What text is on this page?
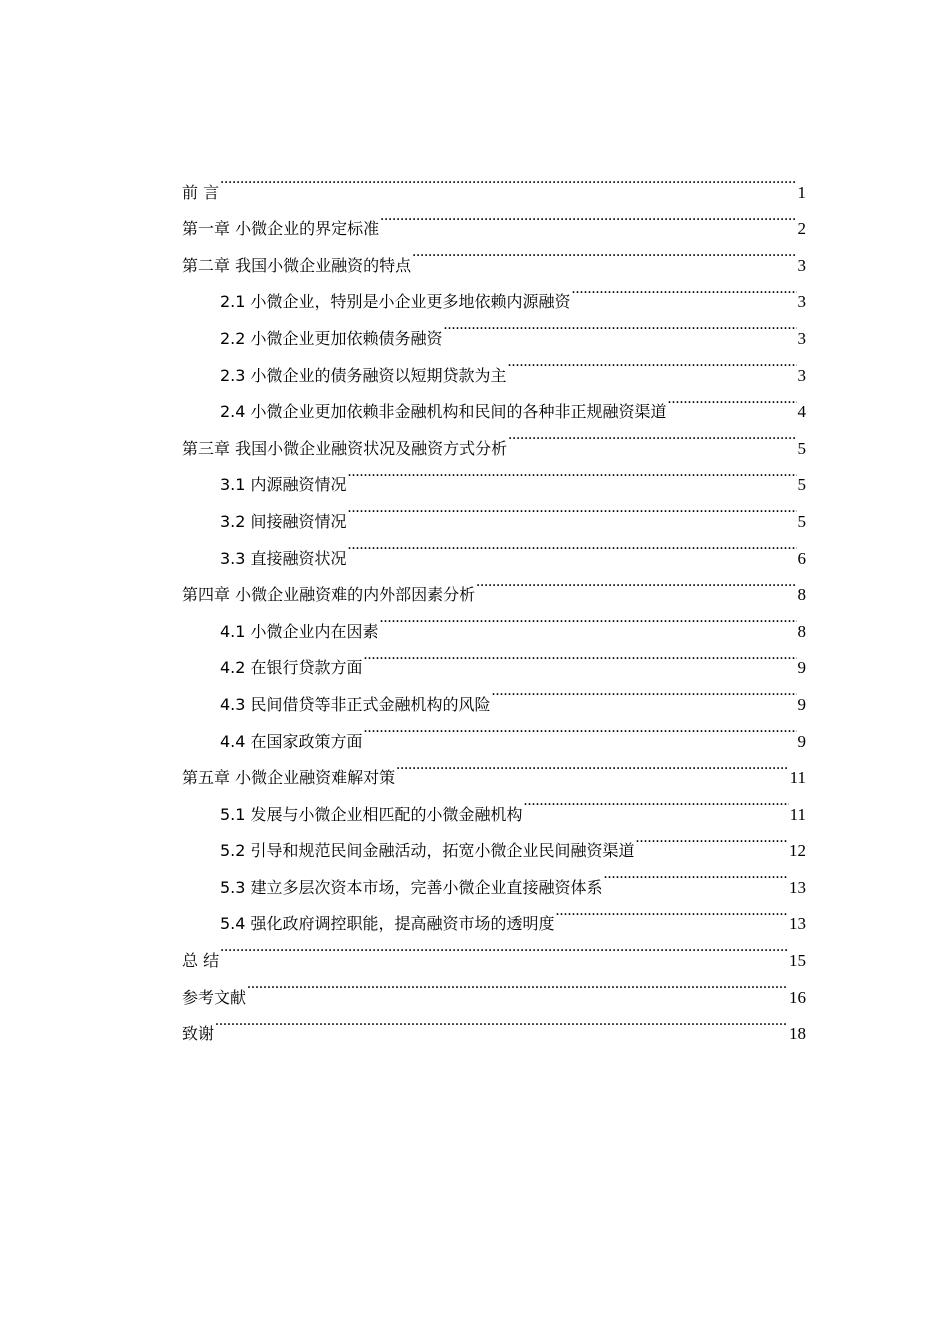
前 言 .....	1
第一章 小微企业的界定标准 .....	2
第二章 我国小微企业融资的特点 .....	3
2.1 小微企业，特别是小企业更多地依赖内源融资 .....	3
2.2 小微企业更加依赖债务融资 .....	3
2.3 小微企业的债务融资以短期贷款为主 .....	3
2.4 小微企业更加依赖非金融机构和民间的各种非正规融资渠道 .....	4
第三章 我国小微企业融资状况及融资方式分析 .....	5
3.1 内源融资情况 .....	5
3.2 间接融资情况 .....	5
3.3 直接融资状况 .....	6
第四章 小微企业融资难的内外部因素分析 .....	8
4.1 小微企业内在因素 .....	8
4.2 在银行贷款方面 .....	9
4.3 民间借贷等非正式金融机构的风险 .....	9
4.4 在国家政策方面 .....	9
第五章 小微企业融资难解对策 .....	11
5.1 发展与小微企业相匹配的小微金融机构 .....	11
5.2 引导和规范民间金融活动，拓宽小微企业民间融资渠道 .....	12
5.3 建立多层次资本市场，完善小微企业直接融资体系 .....	13
5.4 强化政府调控职能，提高融资市场的透明度 .....	13
总 结 .....	15
参考文献 .....	16
致谢 .....	18
